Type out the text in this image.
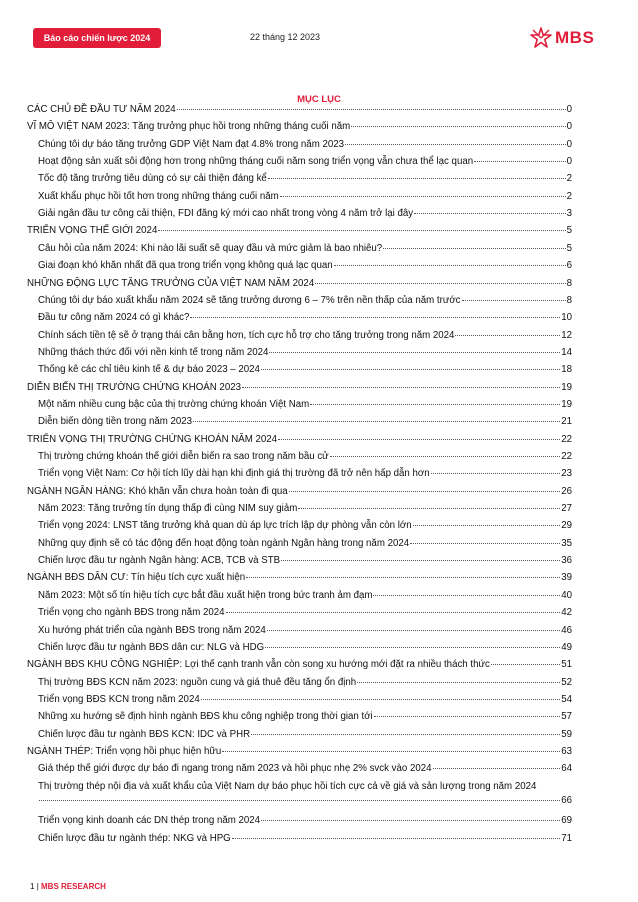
Báo cáo chiến lược 2024	22 tháng 12 2023	MBS
MỤC LỤC
CÁC CHỦ ĐỀ ĐẦU TƯ NĂM 2024	0
VĨ MÔ VIỆT NAM 2023: Tăng trưởng phục hồi trong những tháng cuối năm	0
Chúng tôi dự báo tăng trưởng GDP Việt Nam đạt 4.8% trong năm 2023	0
Hoạt động sản xuất sôi động hơn trong những tháng cuối năm song triển vọng vẫn chưa thể lạc quan	0
Tốc độ tăng trưởng tiêu dùng có sự cải thiện đáng kể	2
Xuất khẩu phục hồi tốt hơn trong những tháng cuối năm	2
Giải ngân đầu tư công cải thiện, FDI đăng ký mới cao nhất trong vòng 4 năm trở lại đây	3
TRIỂN VỌNG THẾ GIỚI 2024	5
Câu hỏi của năm 2024: Khi nào lãi suất sẽ quay đầu và mức giảm là bao nhiêu?	5
Giai đoạn khó khăn nhất đã qua trong triển vọng không quá lạc quan	6
NHỮNG ĐỘNG LỰC TĂNG TRƯỞNG CỦA VIỆT NAM NĂM 2024	8
Chúng tôi dự báo xuất khẩu năm 2024 sẽ tăng trưởng dương 6 – 7% trên nền thấp của năm trước	8
Đầu tư công năm 2024 có gì khác?	10
Chính sách tiền tệ sẽ ở trạng thái cân bằng hơn, tích cực hỗ trợ cho tăng trưởng trong năm 2024	12
Những thách thức đối với nền kinh tế trong năm 2024	14
Thống kê các chỉ tiêu kinh tế & dự báo 2023 – 2024	18
DIỄN BIẾN THỊ TRƯỜNG CHỨNG KHOÁN 2023	19
Một năm nhiều cung bậc của thị trường chứng khoán Việt Nam	19
Diễn biến dòng tiền trong năm 2023	21
TRIỂN VỌNG THỊ TRƯỜNG CHỨNG KHOÁN NĂM 2024	22
Thị trường chứng khoán thế giới diễn biến ra sao trong năm bầu cử	22
Triển vọng Việt Nam: Cơ hội tích lũy dài hạn khi định giá thị trường đã trở nên hấp dẫn hơn	23
NGÀNH NGÂN HÀNG: Khó khăn vẫn chưa hoàn toàn đi qua	26
Năm 2023: Tăng trưởng tín dụng thấp đi cùng NIM suy giảm	27
Triển vọng 2024: LNST tăng trưởng khả quan dù áp lực trích lập dự phòng vẫn còn lớn	29
Những quy định sẽ có tác động đến hoạt động toàn ngành Ngân hàng trong năm 2024	35
Chiến lược đầu tư ngành Ngân hàng: ACB, TCB và STB	36
NGÀNH BĐS DÂN CƯ: Tín hiệu tích cực xuất hiện	39
Năm 2023: Một số tín hiệu tích cực bắt đầu xuất hiện trong bức tranh ảm đạm	40
Triển vọng cho ngành BĐS trong năm 2024	42
Xu hướng phát triển của ngành BĐS trong năm 2024	46
Chiến lược đầu tư ngành BĐS dân cư: NLG và HDG	49
NGÀNH BĐS KHU CÔNG NGHIỆP: Lợi thế cạnh tranh vẫn còn song xu hướng mới đặt ra nhiều thách thức	51
Thị trường BĐS KCN năm 2023: nguồn cung và giá thuê đều tăng ổn định	52
Triển vọng BĐS KCN trong năm 2024	54
Những xu hướng sẽ định hình ngành BĐS khu công nghiệp trong thời gian tới	57
Chiến lược đầu tư ngành BĐS KCN: IDC và PHR	59
NGÀNH THÉP: Triển vọng hồi phục hiện hữu	63
Giá thép thế giới được dự báo đi ngang trong năm 2023 và hồi phục nhẹ 2% svck vào 2024	64
Thị trường thép nội địa và xuất khẩu của Việt Nam dự báo phục hồi tích cực cả về giá và sản lượng trong năm 2024
66
Triển vọng kinh doanh các DN thép trong năm 2024	69
Chiến lược đầu tư ngành thép: NKG và HPG	71
1 | MBS RESEARCH
